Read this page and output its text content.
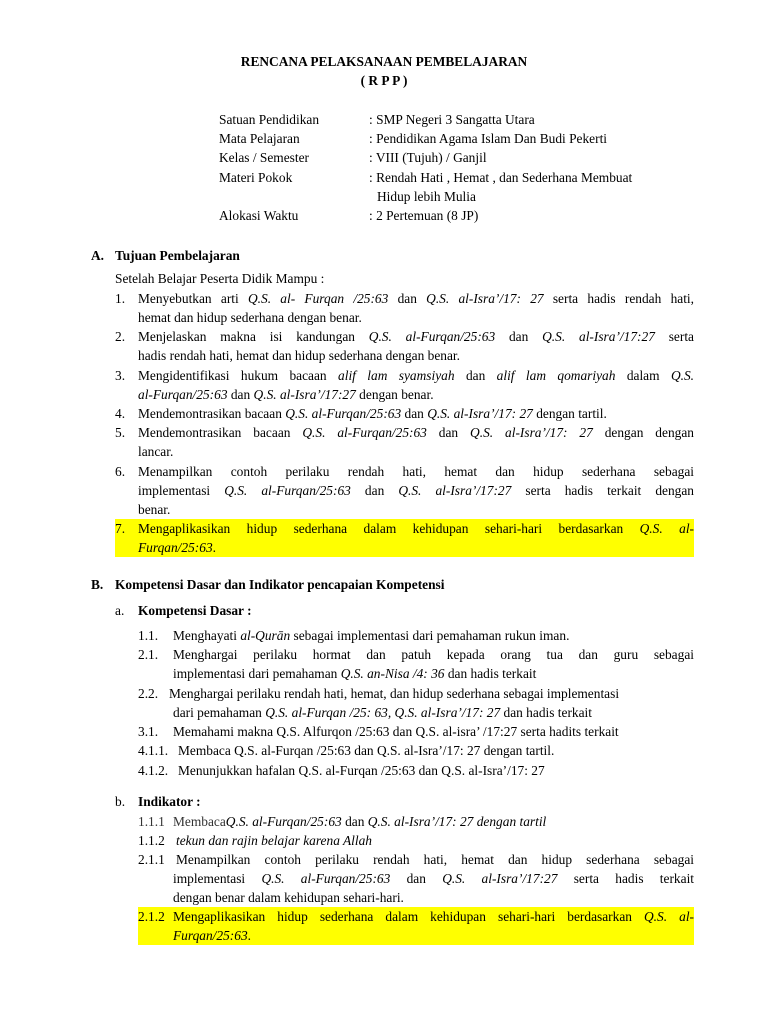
RENCANA PELAKSANAAN PEMBELAJARAN
( R P P )
Satuan Pendidikan	: SMP Negeri 3 Sangatta Utara
Mata Pelajaran	: Pendidikan Agama Islam Dan Budi Pekerti
Kelas / Semester	: VIII (Tujuh) / Ganjil
Materi Pokok	: Rendah Hati , Hemat , dan Sederhana Membuat
Hidup lebih Mulia
Alokasi Waktu	: 2 Pertemuan (8 JP)
A. Tujuan Pembelajaran
Setelah Belajar Peserta Didik Mampu :
1. Menyebutkan arti Q.S. al- Furqan /25:63 dan Q.S. al-Isra’/17: 27 serta hadis rendah hati,
hemat dan hidup sederhana dengan benar.
2. Menjelaskan makna isi kandungan Q.S. al-Furqan/25:63 dan Q.S. al-Isra’/17:27 serta
hadis rendah hati, hemat dan hidup sederhana dengan benar.
3. Mengidentifikasi hukum bacaan alif lam syamsiyah dan alif lam qomariyah dalam Q.S.
al-Furqan/25:63 dan Q.S. al-Isra’/17:27 dengan benar.
4. Mendemontrasikan bacaan Q.S. al-Furqan/25:63 dan Q.S. al-Isra’/17: 27 dengan tartil.
5. Mendemontrasikan bacaan Q.S. al-Furqan/25:63 dan Q.S. al-Isra’/17: 27 dengan dengan
lancar.
6. Menampilkan contoh perilaku rendah hati, hemat dan hidup sederhana sebagai
implementasi Q.S. al-Furqan/25:63 dan Q.S. al-Isra’/17:27 serta hadis terkait dengan
benar.
7. Mengaplikasikan hidup sederhana dalam kehidupan sehari-hari berdasarkan Q.S. al-
Furqan/25:63.
B. Kompetensi Dasar dan Indikator pencapaian Kompetensi
a. Kompetensi Dasar :
1.1. Menghayati al-Qurān sebagai implementasi dari pemahaman rukun iman.
2.1. Menghargai perilaku hormat dan patuh kepada orang tua dan guru sebagai
implementasi dari pemahaman Q.S. an-Nisa /4: 36 dan hadis terkait
2.2. Menghargai perilaku rendah hati, hemat, dan hidup sederhana sebagai implementasi
dari pemahaman Q.S. al-Furqan /25: 63, Q.S. al-Isra’/17: 27 dan hadis terkait
3.1. Memahami makna Q.S. Alfurqon /25:63 dan Q.S. al-isra’ /17:27 serta hadits terkait
4.1.1. Membaca Q.S. al-Furqan /25:63 dan Q.S. al-Isra’/17: 27 dengan tartil.
4.1.2. Menunjukkan hafalan Q.S. al-Furqan /25:63 dan Q.S. al-Isra’/17: 27
b. Indikator :
1.1.1 MembacaQ.S. al-Furqan/25:63 dan Q.S. al-Isra’/17: 27 dengan tartil
1.1.2 tekun dan rajin belajar karena Allah
2.1.1 Menampilkan contoh perilaku rendah hati, hemat dan hidup sederhana sebagai
implementasi Q.S. al-Furqan/25:63 dan Q.S. al-Isra’/17:27 serta hadis terkait
dengan benar dalam kehidupan sehari-hari.
2.1.2 Mengaplikasikan hidup sederhana dalam kehidupan sehari-hari berdasarkan Q.S. al-
Furqan/25:63.
